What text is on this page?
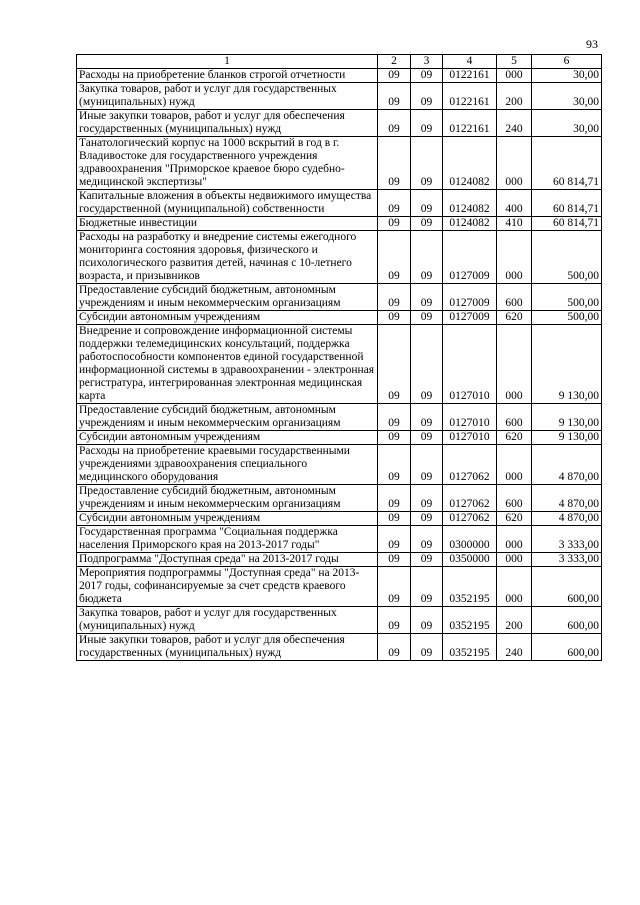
93
1	2	3	4	5	6
Расходы на приобретение бланков строгой отчетности	09	09	0122161	000	30,00
Закупка товаров, работ и услуг для государственных (муниципальных) нужд	09	09	0122161	200	30,00
Иные закупки товаров, работ и услуг для обеспечения государственных (муниципальных) нужд	09	09	0122161	240	30,00
Танатологический корпус на 1000 вскрытий в год в г. Владивостоке для государственного учреждения здравоохранения "Приморское краевое бюро судебно-медицинской экспертизы"	09	09	0124082	000	60 814,71
Капитальные вложения в объекты недвижимого имущества государственной (муниципальной) собственности	09	09	0124082	400	60 814,71
Бюджетные инвестиции	09	09	0124082	410	60 814,71
Расходы на разработку и внедрение системы ежегодного мониторинга состояния здоровья, физического и психологического развития детей, начиная с 10-летнего возраста, и призывников	09	09	0127009	000	500,00
Предоставление субсидий бюджетным, автономным учреждениям и иным некоммерческим организациям	09	09	0127009	600	500,00
Субсидии автономным учреждениям	09	09	0127009	620	500,00
Внедрение и сопровождение информационной системы поддержки телемедицинских консультаций, поддержка работоспособности компонентов единой государственной информационной системы в здравоохранении - электронная регистратура, интегрированная электронная медицинская карта	09	09	0127010	000	9 130,00
Предоставление субсидий бюджетным, автономным учреждениям и иным некоммерческим организациям	09	09	0127010	600	9 130,00
Субсидии автономным учреждениям	09	09	0127010	620	9 130,00
Расходы на приобретение краевыми государственными учреждениями здравоохранения специального медицинского оборудования	09	09	0127062	000	4 870,00
Предоставление субсидий бюджетным, автономным учреждениям и иным некоммерческим организациям	09	09	0127062	600	4 870,00
Субсидии автономным учреждениям	09	09	0127062	620	4 870,00
Государственная программа "Социальная поддержка населения Приморского края на 2013-2017 годы"	09	09	0300000	000	3 333,00
Подпрограмма "Доступная среда" на 2013-2017 годы	09	09	0350000	000	3 333,00
Мероприятия подпрограммы "Доступная среда" на 2013-2017 годы, софинансируемые за счет средств краевого бюджета	09	09	0352195	000	600,00
Закупка товаров, работ и услуг для государственных (муниципальных) нужд	09	09	0352195	200	600,00
Иные закупки товаров, работ и услуг для обеспечения государственных (муниципальных) нужд	09	09	0352195	240	600,00
